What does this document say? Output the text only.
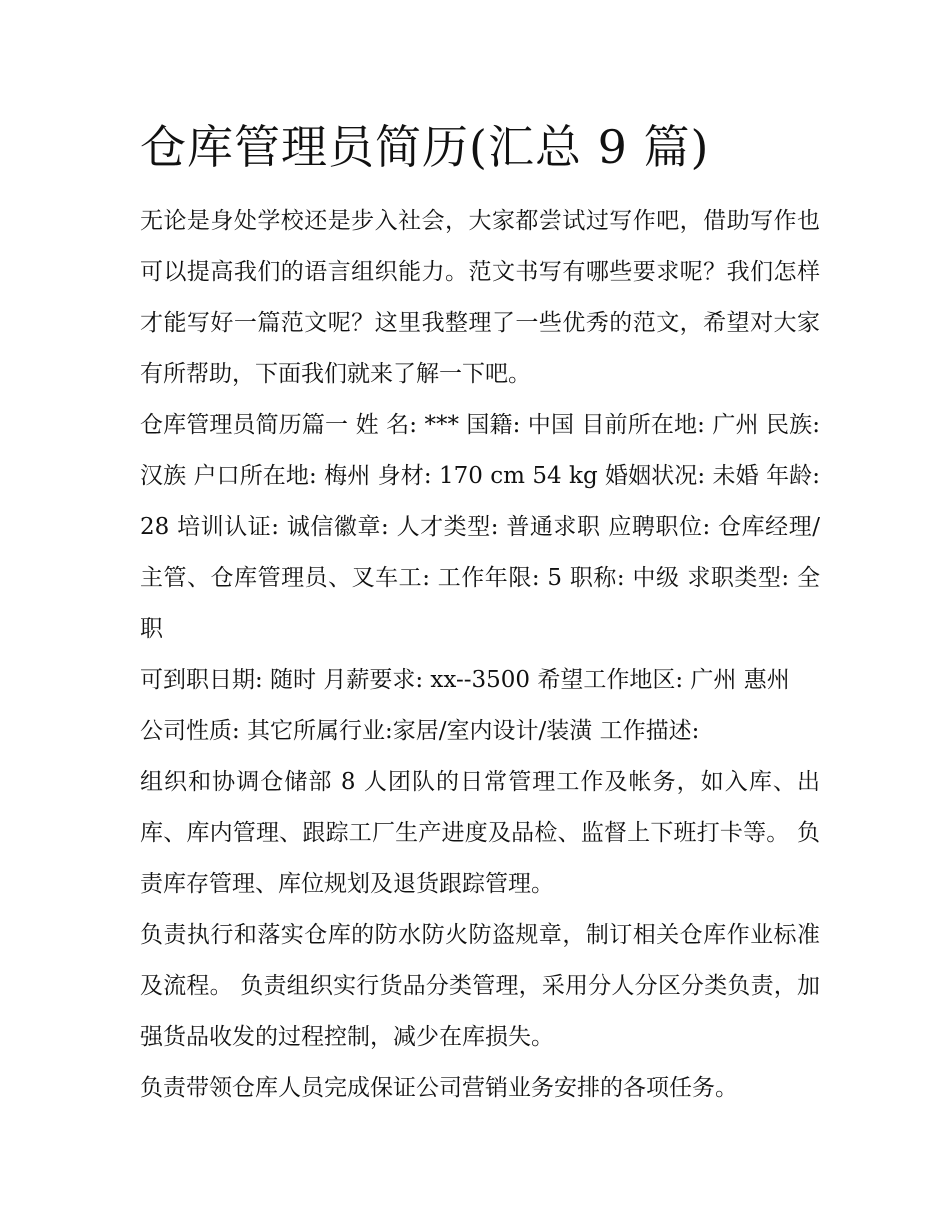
仓库管理员简历(汇总 9 篇)

无论是身处学校还是步入社会，大家都尝试过写作吧，借助写作也可以提高我们的语言组织能力。范文书写有哪些要求呢？我们怎样才能写好一篇范文呢？这里我整理了一些优秀的范文，希望对大家有所帮助，下面我们就来了解一下吧。

仓库管理员简历篇一 姓 名: *** 国籍: 中国 目前所在地: 广州 民族: 汉族 户口所在地: 梅州 身材: 170 cm 54 kg 婚姻状况: 未婚 年龄: 28 培训认证: 诚信徽章: 人才类型: 普通求职 应聘职位: 仓库经理/主管、仓库管理员、叉车工: 工作年限: 5 职称: 中级 求职类型: 全职

可到职日期: 随时 月薪要求: xx--3500 希望工作地区: 广州 惠州

公司性质: 其它所属行业:家居/室内设计/装潢 工作描述:

组织和协调仓储部 8 人团队的日常管理工作及帐务，如入库、出库、库内管理、跟踪工厂生产进度及品检、监督上下班打卡等。 负责库存管理、库位规划及退货跟踪管理。

负责执行和落实仓库的防水防火防盗规章，制订相关仓库作业标准及流程。 负责组织实行货品分类管理，采用分人分区分类负责，加强货品收发的过程控制，减少在库损失。

负责带领仓库人员完成保证公司营销业务安排的各项任务。
